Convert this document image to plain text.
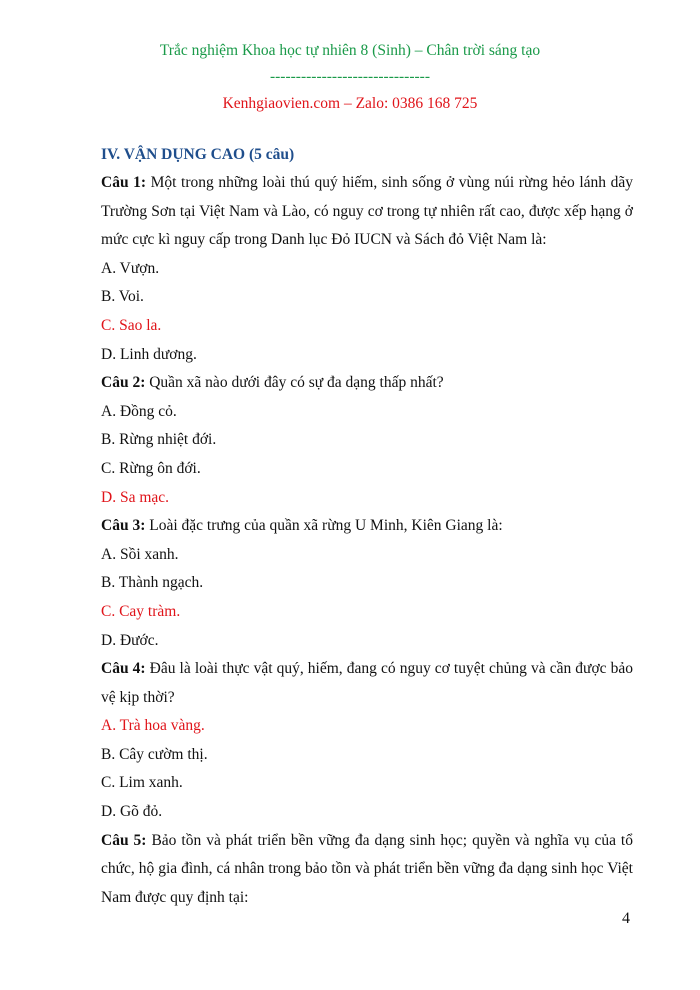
Trắc nghiệm Khoa học tự nhiên 8 (Sinh) – Chân trời sáng tạo
-------------------------------
Kenhgiaovien.com – Zalo: 0386 168 725
IV. VẬN DỤNG CAO (5 câu)
Câu 1: Một trong những loài thú quý hiếm, sinh sống ở vùng núi rừng hẻo lánh dãy Trường Sơn tại Việt Nam và Lào, có nguy cơ trong tự nhiên rất cao, được xếp hạng ở mức cực kì nguy cấp trong Danh lục Đỏ IUCN và Sách đỏ Việt Nam là:
A. Vượn.
B. Voi.
C. Sao la.
D. Linh dương.
Câu 2: Quần xã nào dưới đây có sự đa dạng thấp nhất?
A. Đồng cỏ.
B. Rừng nhiệt đới.
C. Rừng ôn đới.
D. Sa mạc.
Câu 3: Loài đặc trưng của quần xã rừng U Minh, Kiên Giang là:
A. Sồi xanh.
B. Thành ngạch.
C. Cay tràm.
D. Đước.
Câu 4: Đâu là loài thực vật quý, hiếm, đang có nguy cơ tuyệt chủng và cần được bảo vệ kịp thời?
A. Trà hoa vàng.
B. Cây cườm thị.
C. Lim xanh.
D. Gõ đỏ.
Câu 5: Bảo tồn và phát triển bền vững đa dạng sinh học; quyền và nghĩa vụ của tổ chức, hộ gia đình, cá nhân trong bảo tồn và phát triển bền vững đa dạng sinh học Việt Nam được quy định tại:
4
